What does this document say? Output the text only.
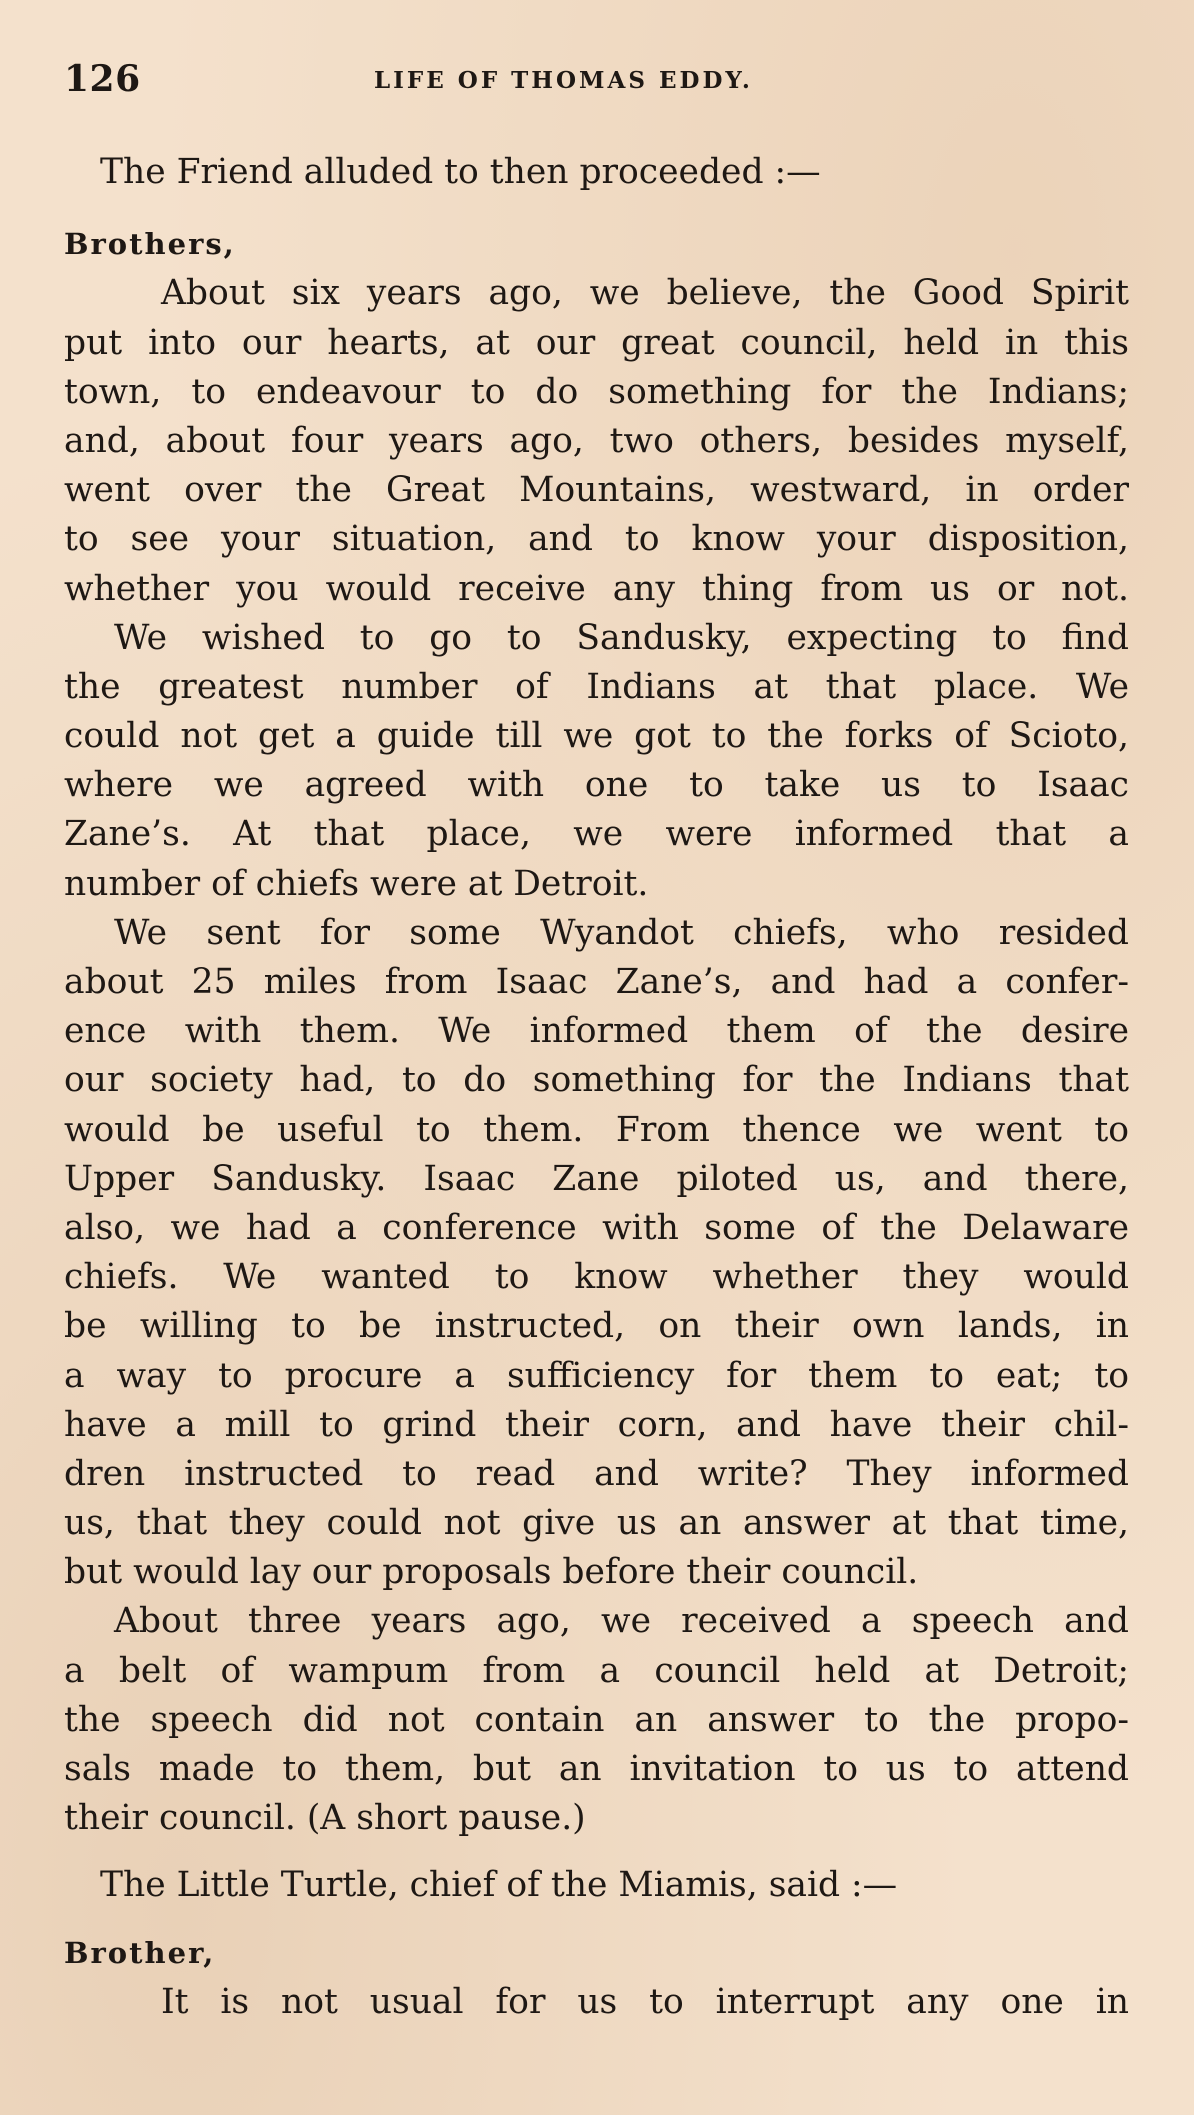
126	LIFE OF THOMAS EDDY.
The Friend alluded to then proceeded :—
Brothers,
About six years ago, we believe, the Good Spirit
put into our hearts, at our great council, held in this
town, to endeavour to do something for the Indians;
and, about four years ago, two others, besides myself,
went over the Great Mountains, westward, in order
to see your situation, and to know your disposition,
whether you would receive any thing from us or not.
We wished to go to Sandusky, expecting to find
the greatest number of Indians at that place. We
could not get a guide till we got to the forks of Scioto,
where we agreed with one to take us to Isaac
Zane’s. At that place, we were informed that a
number of chiefs were at Detroit.
We sent for some Wyandot chiefs, who resided
about 25 miles from Isaac Zane’s, and had a confer-
ence with them. We informed them of the desire
our society had, to do something for the Indians that
would be useful to them. From thence we went to
Upper Sandusky. Isaac Zane piloted us, and there,
also, we had a conference with some of the Delaware
chiefs. We wanted to know whether they would
be willing to be instructed, on their own lands, in
a way to procure a sufficiency for them to eat; to
have a mill to grind their corn, and have their chil-
dren instructed to read and write? They informed
us, that they could not give us an answer at that time,
but would lay our proposals before their council.
About three years ago, we received a speech and
a belt of wampum from a council held at Detroit;
the speech did not contain an answer to the propo-
sals made to them, but an invitation to us to attend
their council. (A short pause.)
The Little Turtle, chief of the Miamis, said :—
Brother,
It is not usual for us to interrupt any one in
